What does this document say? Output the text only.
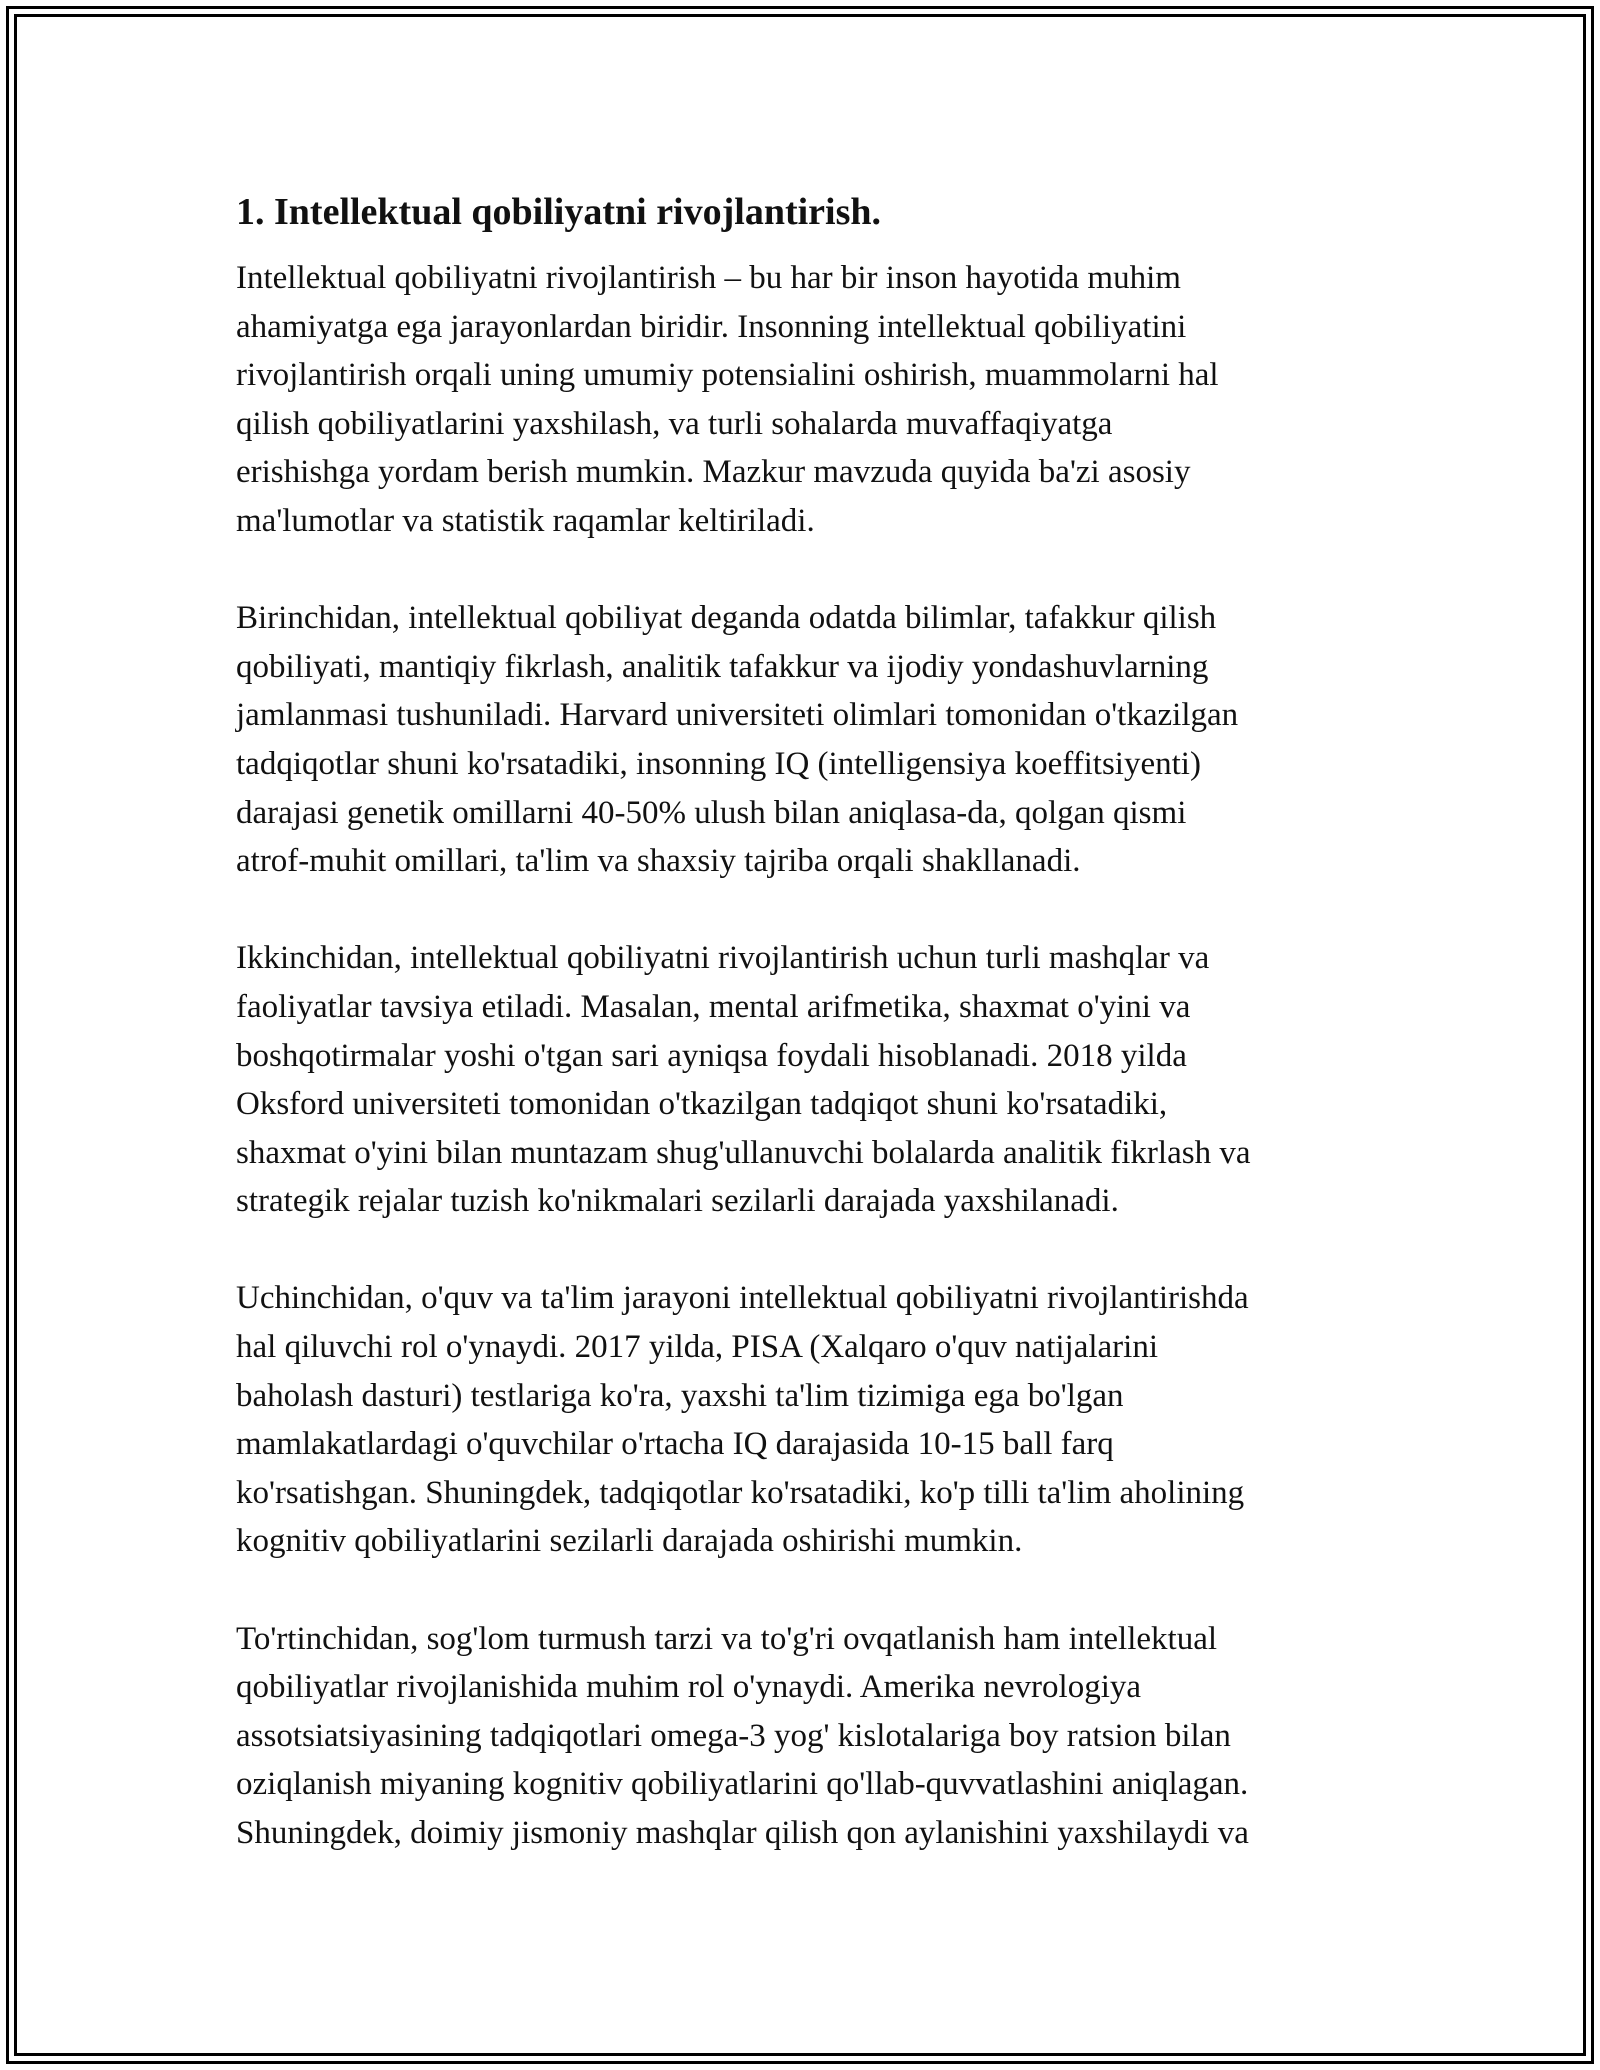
1. Intellektual qobiliyatni rivojlantirish.
Intellektual qobiliyatni rivojlantirish – bu har bir inson hayotida muhim
ahamiyatga ega jarayonlardan biridir. Insonning intellektual qobiliyatini
rivojlantirish orqali uning umumiy potensialini oshirish, muammolarni hal
qilish qobiliyatlarini yaxshilash, va turli sohalarda muvaffaqiyatga
erishishga yordam berish mumkin. Mazkur mavzuda quyida ba'zi asosiy
ma'lumotlar va statistik raqamlar keltiriladi.
Birinchidan, intellektual qobiliyat deganda odatda bilimlar, tafakkur qilish
qobiliyati, mantiqiy fikrlash, analitik tafakkur va ijodiy yondashuvlarning
jamlanmasi tushuniladi. Harvard universiteti olimlari tomonidan o'tkazilgan
tadqiqotlar shuni ko'rsatadiki, insonning IQ (intelligensiya koeffitsiyenti)
darajasi genetik omillarni 40-50% ulush bilan aniqlasa-da, qolgan qismi
atrof-muhit omillari, ta'lim va shaxsiy tajriba orqali shakllanadi.
Ikkinchidan, intellektual qobiliyatni rivojlantirish uchun turli mashqlar va
faoliyatlar tavsiya etiladi. Masalan, mental arifmetika, shaxmat o'yini va
boshqotirmalar yoshi o'tgan sari ayniqsa foydali hisoblanadi. 2018 yilda
Oksford universiteti tomonidan o'tkazilgan tadqiqot shuni ko'rsatadiki,
shaxmat o'yini bilan muntazam shug'ullanuvchi bolalarda analitik fikrlash va
strategik rejalar tuzish ko'nikmalari sezilarli darajada yaxshilanadi.
Uchinchidan, o'quv va ta'lim jarayoni intellektual qobiliyatni rivojlantirishda
hal qiluvchi rol o'ynaydi. 2017 yilda, PISA (Xalqaro o'quv natijalarini
baholash dasturi) testlariga ko'ra, yaxshi ta'lim tizimiga ega bo'lgan
mamlakatlardagi o'quvchilar o'rtacha IQ darajasida 10-15 ball farq
ko'rsatishgan. Shuningdek, tadqiqotlar ko'rsatadiki, ko'p tilli ta'lim aholining
kognitiv qobiliyatlarini sezilarli darajada oshirishi mumkin.
To'rtinchidan, sog'lom turmush tarzi va to'g'ri ovqatlanish ham intellektual
qobiliyatlar rivojlanishida muhim rol o'ynaydi. Amerika nevrologiya
assotsiatsiyasining tadqiqotlari omega-3 yog' kislotalariga boy ratsion bilan
oziqlanish miyaning kognitiv qobiliyatlarini qo'llab-quvvatlashini aniqlagan.
Shuningdek, doimiy jismoniy mashqlar qilish qon aylanishini yaxshilaydi va
